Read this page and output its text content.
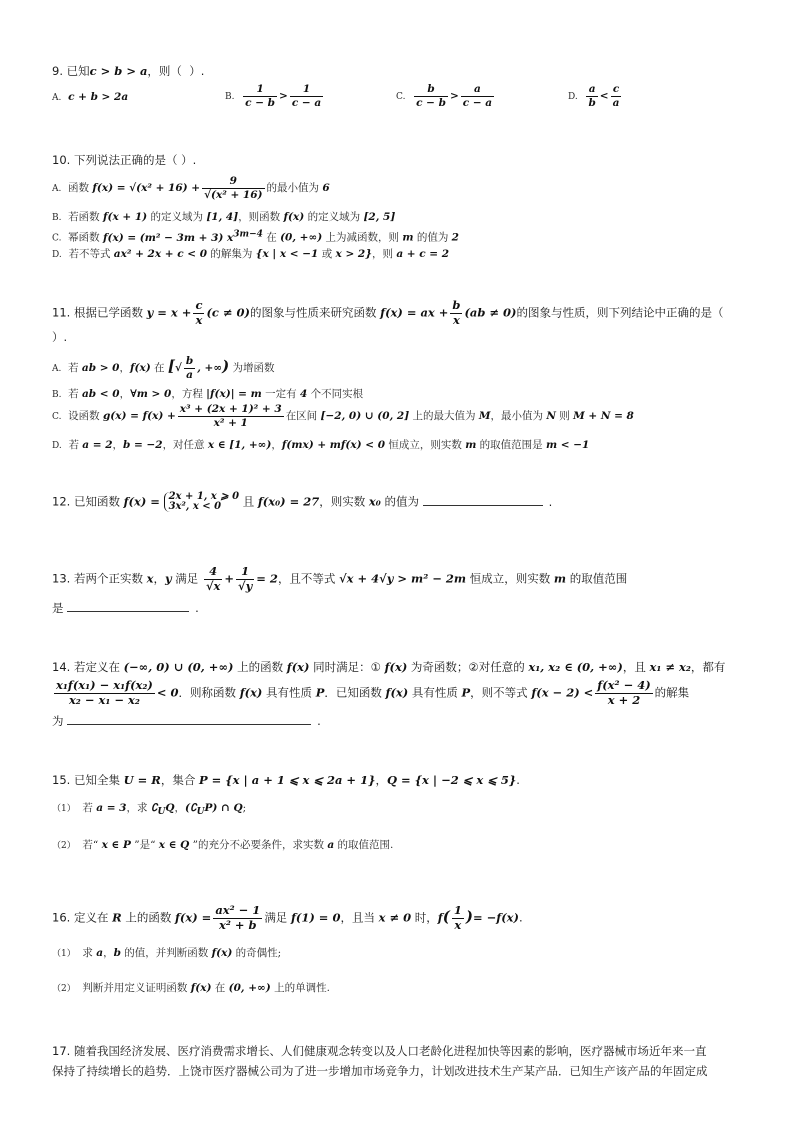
9. 已知c > b > a，则（  ）.
A. c + b > 2a	B. $\frac{1}{c - b} > \frac{1}{c - a}$	C. $\frac{b}{c - b} > \frac{a}{c - a}$	D. $\frac{a}{b} < \frac{c}{a}$
10. 下列说法正确的是（ ）.
A.  函数 $f(x) = √(x^2 + 16) + \frac{9}{\text{√(x² + 16)}}$ 的最小值为 6
B.  若函数 f(x + 1) 的定义域为 [1, 4]，则函数 f(x) 的定义域为 [2, 5]
C.  幂函数 f(x) = (m² − 3m + 3) $x^{3m-4}$ 在 (0, +∞) 上为减函数，则 m 的值为 2
D.  若不等式 ax² + 2x + c < 0 的解集为 {x | x < −1 或 x > 2}，则 a + c = 2
11. 根据已学函数 $y = x + \frac{c}{x} (c \ne 0)$的图象与性质来研究函数 f(x) = ax + $\frac{b}{x} (ab \ne 0)$的图象与性质，则下列结论中正确的是（
）.
A.  若 ab > 0，f(x) 在 [√ $\frac{b}{a}$ , +∞) 为增函数
B.  若 ab < 0，∀m > 0，方程 |f(x)| = m 一定有 4 个不同实根
C.  设函数 $g(x) = f(x) + \frac{\text{x³ + (2x + 1)² + 3}}{\text{x² + 1}}$ 在区间 [−2, 0) ∪ (0, 2] 上的最大值为 M，最小值为 N 则 M + N = 8
D.  若 a = 2，b = −2，对任意 x ∈ [1, +∞)，f(mx) + mf(x) < 0 恒成立，则实数 m 的取值范围是 m < −1
12. 已知函数 f(x) = 2x + 1, x ⩾ 0
3x², x < 0	且 f(x₀) = 27，则实数 x₀ 的值为	.
13. 若两个正实数 x，y 满足 $\frac{4}{√x} + \frac{1}{√y} = 2$，且不等式 √x + 4√y > m² − 2m 恒成立，则实数 m 的取值范围
是	.
14. 若定义在 (−∞, 0) ∪ (0, +∞) 上的函数 f(x) 同时满足：① f(x) 为奇函数；②对任意的 x₁, x₂ ∈ (0, +∞)，且 x₁ ≠ x₂，都有
$\frac{\text{x₁f(x₁) − x₁f(x₂)}}{\text{x₂ − x₁ − x₂}} < 0$．则称函数 f(x) 具有性质 P．已知函数 f(x) 具有性质 P，则不等式 $f(x - 2) < \frac{\text{f(x² − 4)}}{x + 2}$ 的解集
为	.
15. 已知全集 U = R，集合 P = {x | a + 1 ⩽ x ⩽ 2a + 1}，Q = {x | −2 ⩽ x ⩽ 5}.
（1）  若 a = 3，求 $∁_UQ$，$(∁_UP)$ ∩ Q;
（2）  若“ x ∈ P ”是“ x ∈ Q ”的充分不必要条件，求实数 a 的取值范围.
16. 定义在 R 上的函数 $f(x) = \frac{\text{ax² − 1}}{\text{x² + b}}$ 满足 f(1) = 0，且当 x ≠ 0 时，$f( \frac{1}{x}$ )= −f(x).
（1）  求 a，b 的值，并判断函数 f(x) 的奇偶性;
（2）  判断并用定义证明函数 f(x) 在 (0, +∞) 上的单调性.
17. 随着我国经济发展、医疗消费需求增长、人们健康观念转变以及人口老龄化进程加快等因素的影响，医疗器械市场近年来一直
保持了持续增长的趋势．上饶市医疗器械公司为了进一步增加市场竞争力，计划改进技术生产某产品．已知生产该产品的年固定成
